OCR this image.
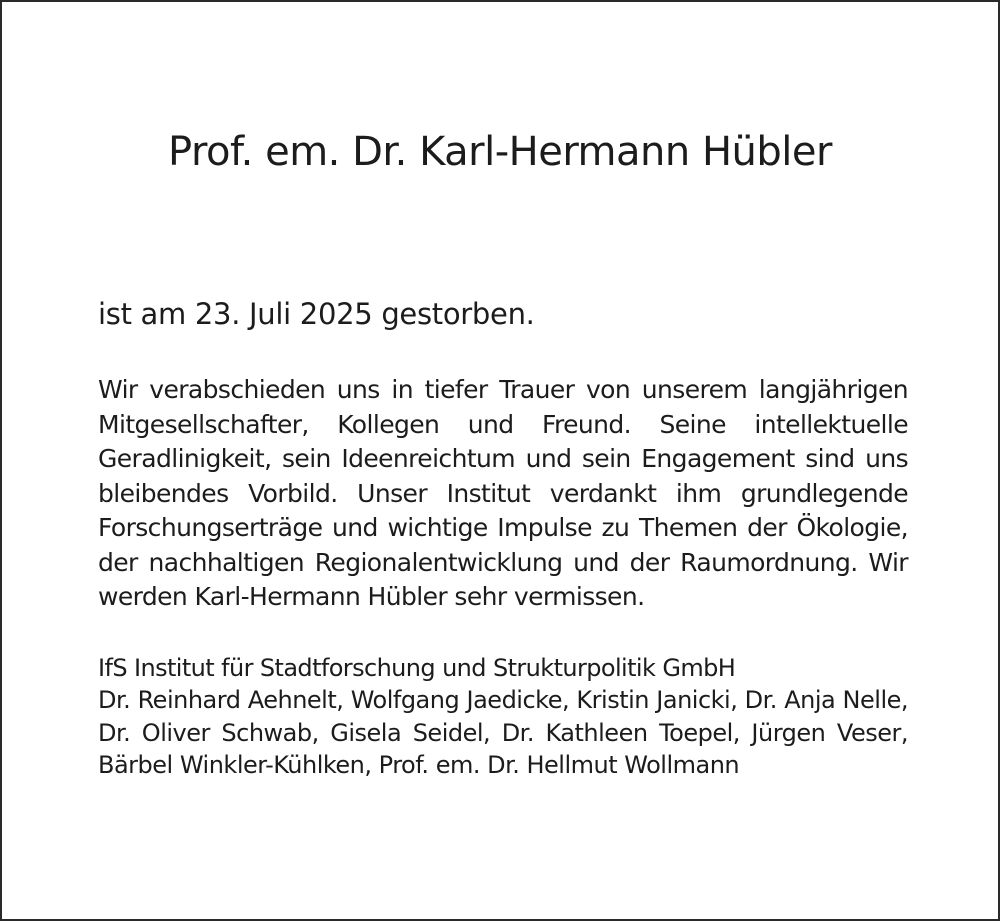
Prof. em. Dr. Karl-Hermann Hübler

ist am 23. Juli 2025 gestorben.

Wir verabschieden uns in tiefer Trauer von unserem langjährigen Mitgesellschafter, Kollegen und Freund. Seine intellektuelle Geradlinigkeit, sein Ideenreichtum und sein Engagement sind uns bleibendes Vorbild. Unser Institut verdankt ihm grundlegende Forschungserträge und wichtige Impulse zu Themen der Ökologie, der nachhaltigen Regionalentwicklung und der Raumordnung. Wir werden Karl-Hermann Hübler sehr vermissen.

IfS Institut für Stadtforschung und Strukturpolitik GmbH

Dr. Reinhard Aehnelt, Wolfgang Jaedicke, Kristin Janicki, Dr. Anja Nelle, Dr. Oliver Schwab, Gisela Seidel, Dr. Kathleen Toepel, Jürgen Veser, Bärbel Winkler-Kühlken, Prof. em. Dr. Hellmut Wollmann
